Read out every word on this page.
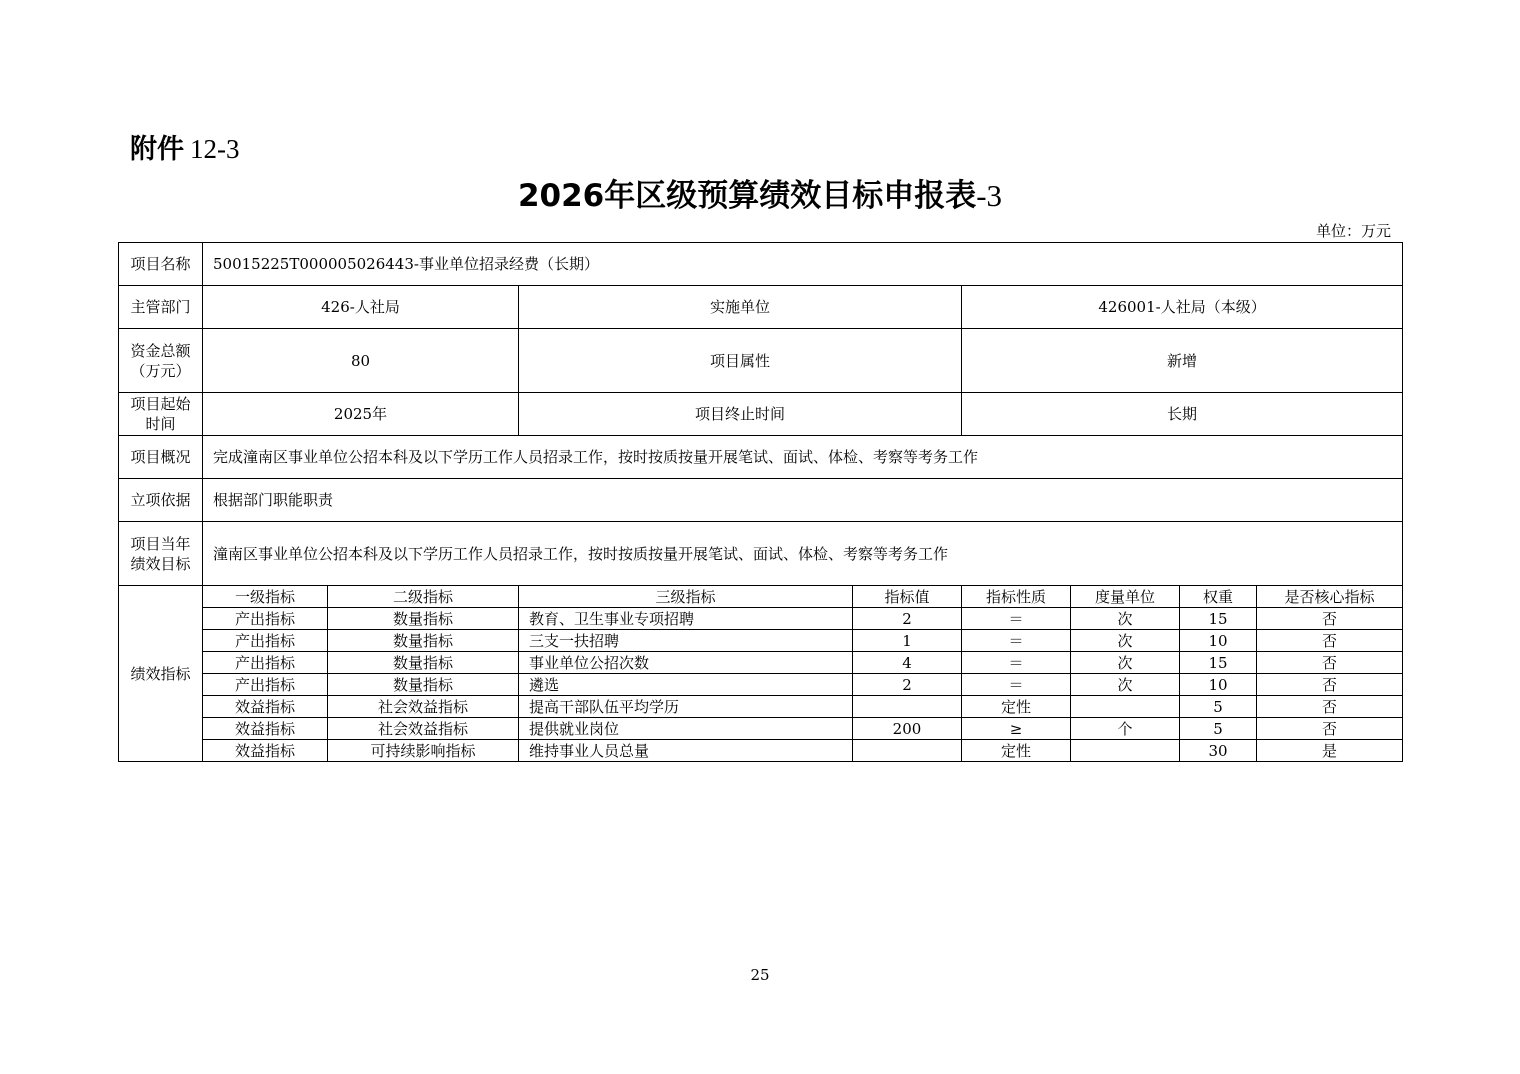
附件 12-3
2026年区级预算绩效目标申报表-3
单位：万元
项目名称	50015225T000005026443-事业单位招录经费（长期）							
主管部门	426-人社局		实施单位		426001-人社局（本级）			
资金总额（万元）	80		项目属性		新增			
项目起始时间	2025年		项目终止时间		长期			
项目概况	完成潼南区事业单位公招本科及以下学历工作人员招录工作，按时按质按量开展笔试、面试、体检、考察等考务工作							
立项依据	根据部门职能职责							
项目当年绩效目标	潼南区事业单位公招本科及以下学历工作人员招录工作，按时按质按量开展笔试、面试、体检、考察等考务工作							
绩效指标	一级指标	二级指标	三级指标	指标值	指标性质	度量单位	权重	是否核心指标
	产出指标	数量指标	教育、卫生事业专项招聘	2	＝	次	15	否
	产出指标	数量指标	三支一扶招聘	1	＝	次	10	否
	产出指标	数量指标	事业单位公招次数	4	＝	次	15	否
	产出指标	数量指标	遴选	2	＝	次	10	否
	效益指标	社会效益指标	提高干部队伍平均学历		定性		5	否
	效益指标	社会效益指标	提供就业岗位	200	≥	个	5	否
	效益指标	可持续影响指标	维持事业人员总量		定性		30	是
25
